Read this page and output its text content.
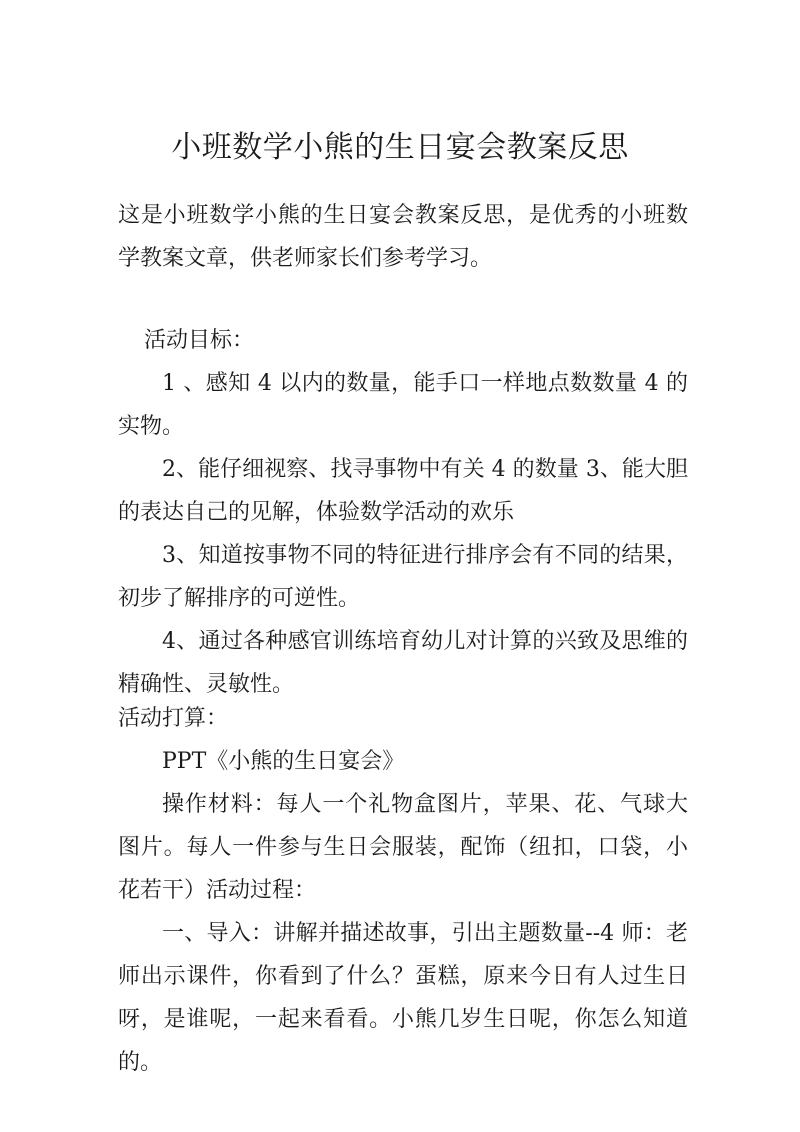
小班数学小熊的生日宴会教案反思

这是小班数学小熊的生日宴会教案反思，是优秀的小班数学教案文章，供老师家长们参考学习。

活动目标：

1 、感知 4 以内的数量，能手口一样地点数数量 4 的实物。

2、能仔细视察、找寻事物中有关 4 的数量 3、能大胆的表达自己的见解，体验数学活动的欢乐

3、知道按事物不同的特征进行排序会有不同的结果，初步了解排序的可逆性。

4、通过各种感官训练培育幼儿对计算的兴致及思维的精确性、灵敏性。

活动打算：

PPT《小熊的生日宴会》

操作材料：每人一个礼物盒图片，苹果、花、气球大图片。每人一件参与生日会服装，配饰（纽扣，口袋，小花若干）活动过程：

一、导入：讲解并描述故事，引出主题数量--4 师：老师出示课件，你看到了什么？蛋糕，原来今日有人过生日呀，是谁呢，一起来看看。小熊几岁生日呢，你怎么知道的。
